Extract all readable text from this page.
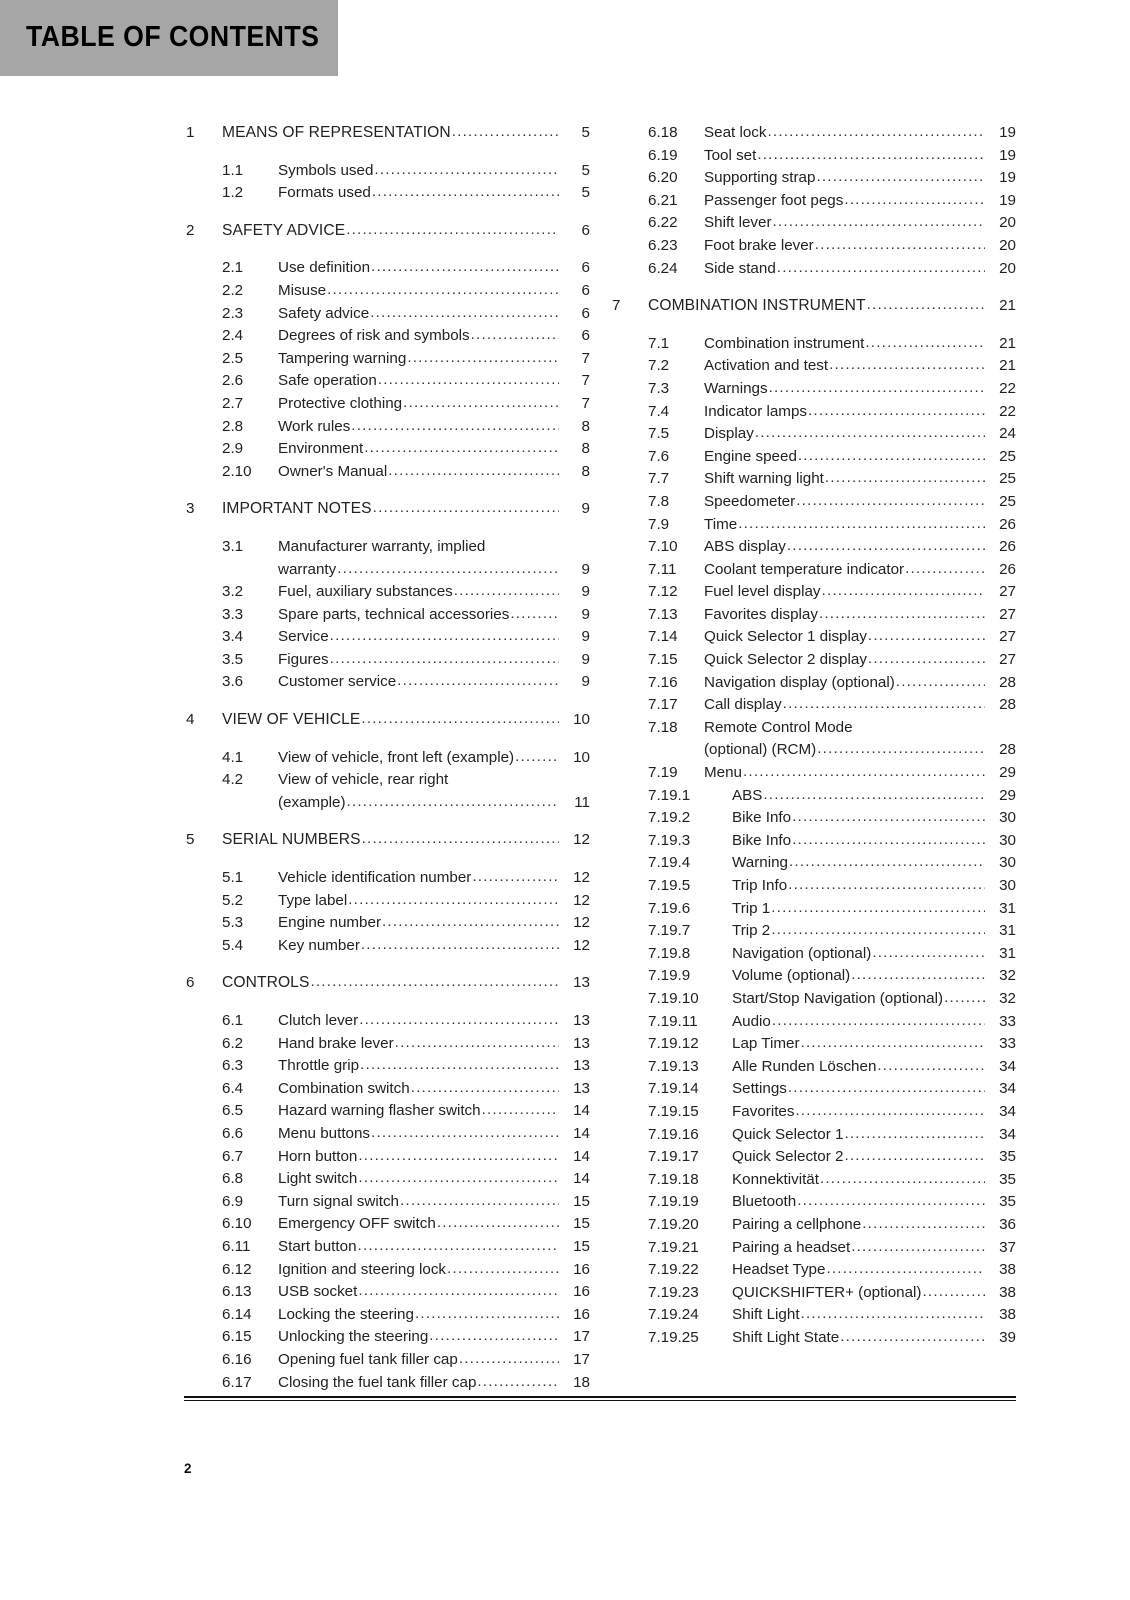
TABLE OF CONTENTS
1	MEANS OF REPRESENTATION .....	5
1.1	Symbols used .....	5
1.2	Formats used .....	5
2	SAFETY ADVICE .....	6
2.1	Use definition .....	6
2.2	Misuse .....	6
2.3	Safety advice .....	6
2.4	Degrees of risk and symbols .....	6
2.5	Tampering warning .....	7
2.6	Safe operation .....	7
2.7	Protective clothing .....	7
2.8	Work rules .....	8
2.9	Environment .....	8
2.10	Owner's Manual .....	8
3	IMPORTANT NOTES .....	9
3.1	Manufacturer warranty, implied
warranty .....	9
3.2	Fuel, auxiliary substances .....	9
3.3	Spare parts, technical accessories .....	9
3.4	Service .....	9
3.5	Figures .....	9
3.6	Customer service .....	9
4	VIEW OF VEHICLE .....	10
4.1	View of vehicle, front left (example) .....	10
4.2	View of vehicle, rear right
(example) .....	11
5	SERIAL NUMBERS .....	12
5.1	Vehicle identification number .....	12
5.2	Type label .....	12
5.3	Engine number .....	12
5.4	Key number .....	12
6	CONTROLS .....	13
6.1	Clutch lever .....	13
6.2	Hand brake lever .....	13
6.3	Throttle grip .....	13
6.4	Combination switch .....	13
6.5	Hazard warning flasher switch .....	14
6.6	Menu buttons .....	14
6.7	Horn button .....	14
6.8	Light switch .....	14
6.9	Turn signal switch .....	15
6.10	Emergency OFF switch .....	15
6.11	Start button .....	15
6.12	Ignition and steering lock .....	16
6.13	USB socket .....	16
6.14	Locking the steering .....	16
6.15	Unlocking the steering .....	17
6.16	Opening fuel tank filler cap .....	17
6.17	Closing the fuel tank filler cap .....	18
6.18	Seat lock .....	19
6.19	Tool set .....	19
6.20	Supporting strap .....	19
6.21	Passenger foot pegs .....	19
6.22	Shift lever .....	20
6.23	Foot brake lever .....	20
6.24	Side stand .....	20
7	COMBINATION INSTRUMENT .....	21
7.1	Combination instrument .....	21
7.2	Activation and test .....	21
7.3	Warnings .....	22
7.4	Indicator lamps .....	22
7.5	Display .....	24
7.6	Engine speed .....	25
7.7	Shift warning light .....	25
7.8	Speedometer .....	25
7.9	Time .....	26
7.10	ABS display .....	26
7.11	Coolant temperature indicator .....	26
7.12	Fuel level display .....	27
7.13	Favorites display .....	27
7.14	Quick Selector 1 display .....	27
7.15	Quick Selector 2 display .....	27
7.16	Navigation display (optional) .....	28
7.17	Call display .....	28
7.18	Remote Control Mode
(optional) (RCM) .....	28
7.19	Menu .....	29
7.19.1	ABS .....	29
7.19.2	Bike Info .....	30
7.19.3	Bike Info .....	30
7.19.4	Warning .....	30
7.19.5	Trip Info .....	30
7.19.6	Trip 1 .....	31
7.19.7	Trip 2 .....	31
7.19.8	Navigation (optional) .....	31
7.19.9	Volume (optional) .....	32
7.19.10	Start/Stop Navigation (optional) .....	32
7.19.11	Audio .....	33
7.19.12	Lap Timer .....	33
7.19.13	Alle Runden Löschen .....	34
7.19.14	Settings .....	34
7.19.15	Favorites .....	34
7.19.16	Quick Selector 1 .....	34
7.19.17	Quick Selector 2 .....	35
7.19.18	Konnektivität .....	35
7.19.19	Bluetooth .....	35
7.19.20	Pairing a cellphone .....	36
7.19.21	Pairing a headset .....	37
7.19.22	Headset Type .....	38
7.19.23	QUICKSHIFTER+ (optional) .....	38
7.19.24	Shift Light .....	38
7.19.25	Shift Light State .....	39
2
